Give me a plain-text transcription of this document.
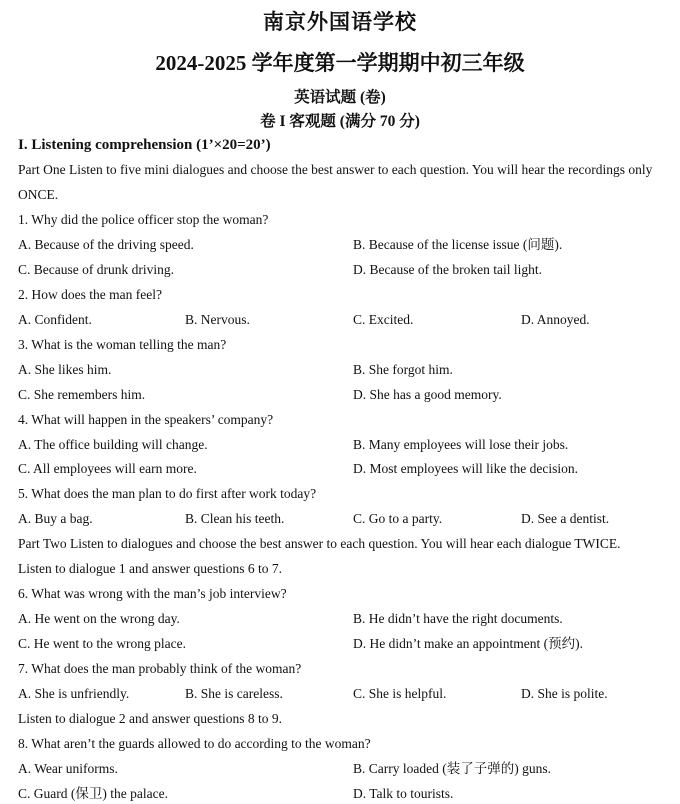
南京外国语学校
2024-2025 学年度第一学期期中初三年级
英语试题 (卷)
卷 I 客观题 (满分 70 分)
I. Listening comprehension (1’×20=20’)
Part One Listen to five mini dialogues and choose the best answer to each question. You will hear the recordings only
ONCE.
1. Why did the police officer stop the woman?
A. Because of the driving speed.	B. Because of the license issue (问题).
C. Because of drunk driving.	D. Because of the broken tail light.
2. How does the man feel?
A. Confident.	B. Nervous.	C. Excited.	D. Annoyed.
3. What is the woman telling the man?
A. She likes him.	B. She forgot him.
C. She remembers him.	D. She has a good memory.
4. What will happen in the speakers’ company?
A. The office building will change.	B. Many employees will lose their jobs.
C. All employees will earn more.	D. Most employees will like the decision.
5. What does the man plan to do first after work today?
A. Buy a bag.	B. Clean his teeth.	C. Go to a party.	D. See a dentist.
Part Two Listen to dialogues and choose the best answer to each question. You will hear each dialogue TWICE.
Listen to dialogue 1 and answer questions 6 to 7.
6. What was wrong with the man’s job interview?
A. He went on the wrong day.	B. He didn’t have the right documents.
C. He went to the wrong place.	D. He didn’t make an appointment (预约).
7. What does the man probably think of the woman?
A. She is unfriendly.	B. She is careless.	C. She is helpful.	D. She is polite.
Listen to dialogue 2 and answer questions 8 to 9.
8. What aren’t the guards allowed to do according to the woman?
A. Wear uniforms.	B. Carry loaded (装了子弹的) guns.
C. Guard (保卫) the palace.	D. Talk to tourists.
